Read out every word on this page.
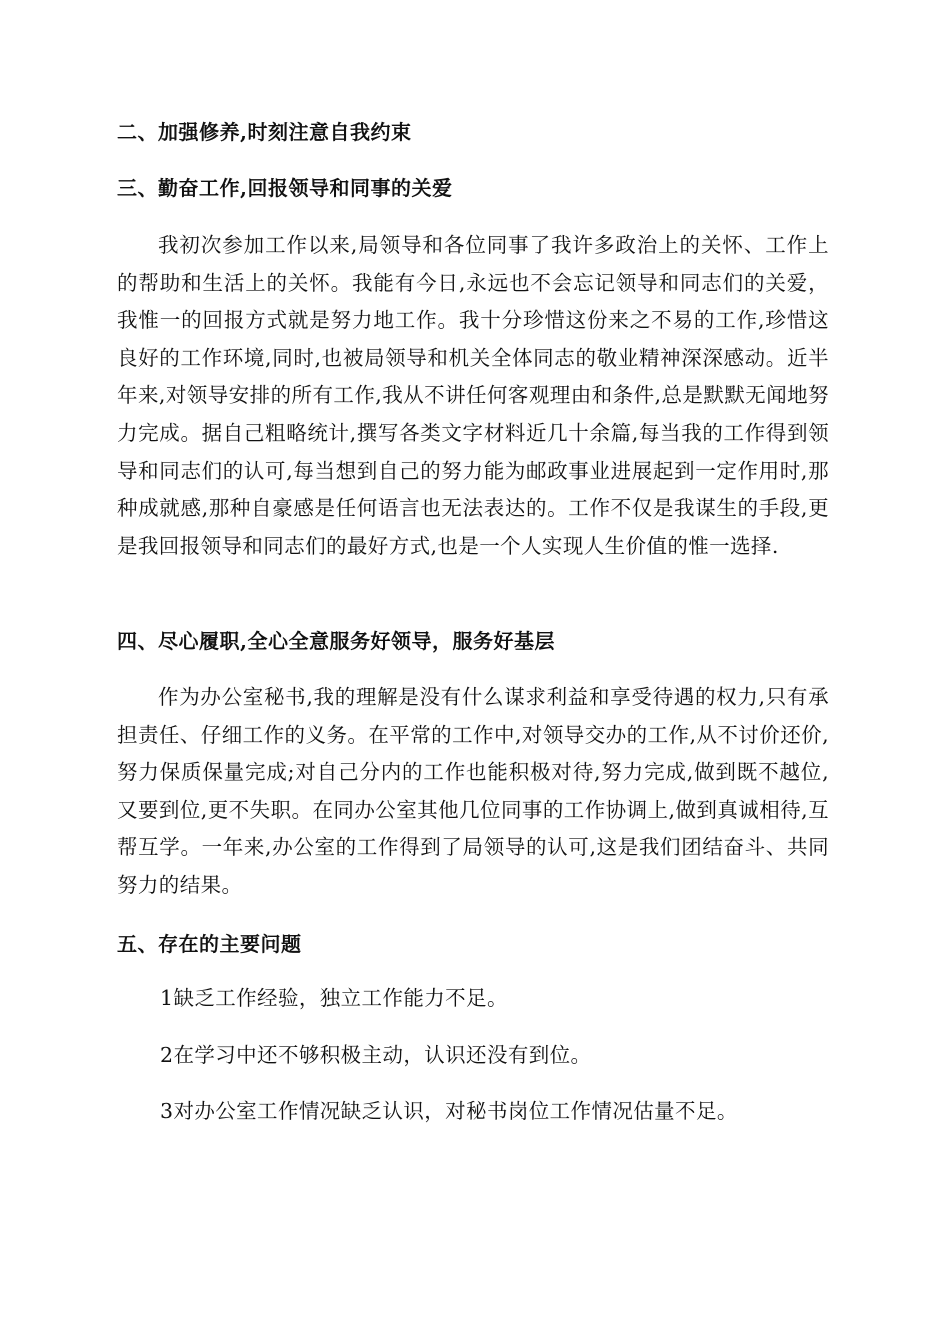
二、加强修养,时刻注意自我约束
三、勤奋工作,回报领导和同事的关爱

我初次参加工作以来,局领导和各位同事了我许多政治上的关怀、工作上的帮助和生活上的关怀。我能有今日,永远也不会忘记领导和同志们的关爱，我惟一的回报方式就是努力地工作。我十分珍惜这份来之不易的工作,珍惜这良好的工作环境,同时,也被局领导和机关全体同志的敬业精神深深感动。近半年来,对领导安排的所有工作,我从不讲任何客观理由和条件,总是默默无闻地努力完成。据自己粗略统计,撰写各类文字材料近几十余篇,每当我的工作得到领导和同志们的认可,每当想到自己的努力能为邮政事业进展起到一定作用时,那种成就感,那种自豪感是任何语言也无法表达的。工作不仅是我谋生的手段,更是我回报领导和同志们的最好方式,也是一个人实现人生价值的惟一选择.

四、尽心履职,全心全意服务好领导，服务好基层

作为办公室秘书,我的理解是没有什么谋求利益和享受待遇的权力,只有承担责任、仔细工作的义务。在平常的工作中,对领导交办的工作,从不讨价还价,努力保质保量完成;对自己分内的工作也能积极对待,努力完成,做到既不越位,又要到位,更不失职。在同办公室其他几位同事的工作协调上,做到真诚相待,互帮互学。一年来,办公室的工作得到了局领导的认可,这是我们团结奋斗、共同努力的结果。

五、存在的主要问题
1缺乏工作经验，独立工作能力不足。
2在学习中还不够积极主动，认识还没有到位。
3对办公室工作情况缺乏认识，对秘书岗位工作情况估量不足。
